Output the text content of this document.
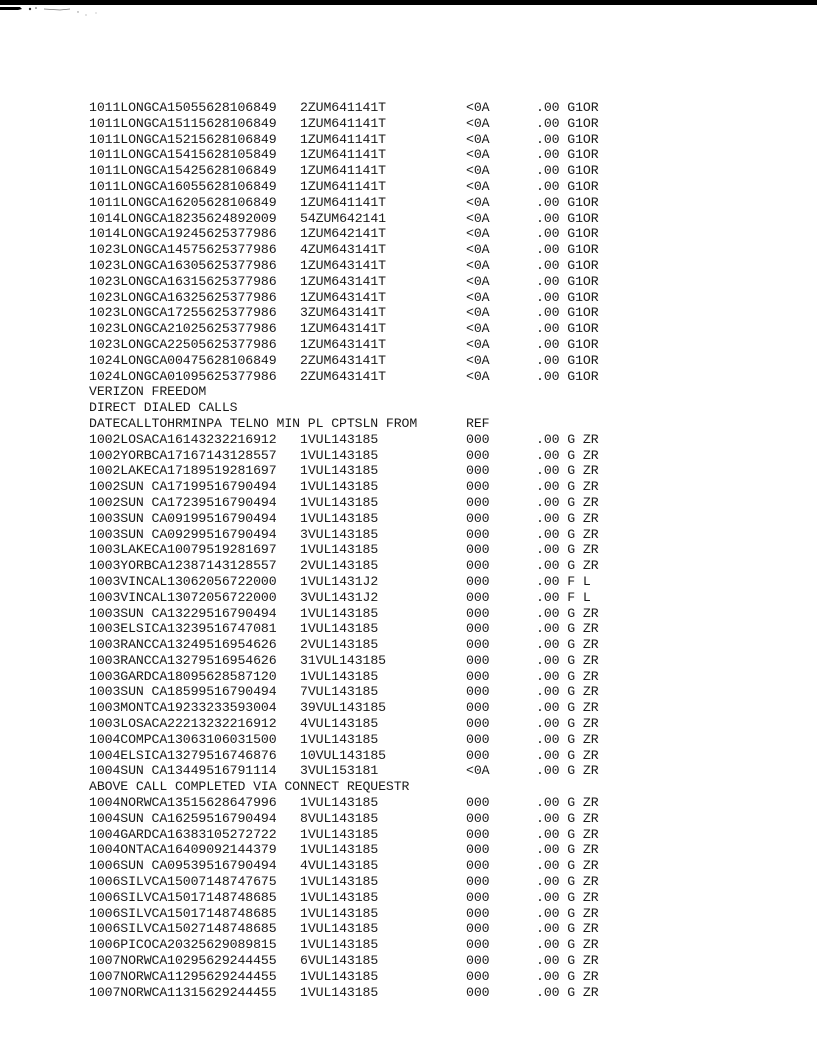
1011LONGCA15055628106849 2ZUM641141T	<0A	.00 G1OR
1011LONGCA15115628106849 1ZUM641141T	<0A	.00 G1OR
1011LONGCA15215628106849 1ZUM641141T	<0A	.00 G1OR
1011LONGCA15415628105849 1ZUM641141T	<0A	.00 G1OR
1011LONGCA15425628106849 1ZUM641141T	<0A	.00 G1OR
1011LONGCA16055628106849 1ZUM641141T	<0A	.00 G1OR
1011LONGCA16205628106849 1ZUM641141T	<0A	.00 G1OR
1014LONGCA18235624892009 54ZUM642141	<0A	.00 G1OR
1014LONGCA19245625377986 1ZUM642141T	<0A	.00 G1OR
1023LONGCA14575625377986 4ZUM643141T	<0A	.00 G1OR
1023LONGCA16305625377986 1ZUM643141T	<0A	.00 G1OR
1023LONGCA16315625377986 1ZUM643141T	<0A	.00 G1OR
1023LONGCA16325625377986 1ZUM643141T	<0A	.00 G1OR
1023LONGCA17255625377986 3ZUM643141T	<0A	.00 G1OR
1023LONGCA21025625377986 1ZUM643141T	<0A	.00 G1OR
1023LONGCA22505625377986 1ZUM643141T	<0A	.00 G1OR
1024LONGCA00475628106849 2ZUM643141T	<0A	.00 G1OR
1024LONGCA01095625377986 2ZUM643141T	<0A	.00 G1OR
VERIZON FREEDOM
DIRECT DIALED CALLS

DATECALLTOHRMINPA TELNO MIN PL CPTSLN FROM

	REF

1002LOSACA16143232216912 1VUL143185	000	.00 G ZR
1002YORBCA17167143128557 1VUL143185	000	.00 G ZR
1002LAKECA17189519281697 1VUL143185	000	.00 G ZR
1002SUN CA17199516790494 1VUL143185	000	.00 G ZR
1002SUN CA17239516790494 1VUL143185	000	.00 G ZR
1003SUN CA09199516790494 1VUL143185	000	.00 G ZR
1003SUN CA09299516790494 3VUL143185	000	.00 G ZR
1003LAKECA10079519281697 1VUL143185	000	.00 G ZR
1003YORBCA12387143128557 2VUL143185	000	.00 G ZR
1003VINCAL13062056722000 1VUL1431J2	000	.00 F L
1003VINCAL13072056722000 3VUL1431J2	000	.00 F L
1003SUN CA13229516790494 1VUL143185	000	.00 G ZR
1003ELSICA13239516747081 1VUL143185	000	.00 G ZR
1003RANCCA13249516954626 2VUL143185	000	.00 G ZR
1003RANCCA13279516954626 31VUL143185	000	.00 G ZR
1003GARDCA18095628587120 1VUL143185	000	.00 G ZR
1003SUN CA18599516790494 7VUL143185	000	.00 G ZR
1003MONTCA19233233593004 39VUL143185	000	.00 G ZR
1003LOSACA22213232216912 4VUL143185	000	.00 G ZR
1004COMPCA13063106031500 1VUL143185	000	.00 G ZR
1004ELSICA13279516746876 10VUL143185	000	.00 G ZR
1004SUN CA13449516791114 3VUL153181	<0A	.00 G ZR
ABOVE CALL COMPLETED VIA CONNECT REQUESTR
1004NORWCA13515628647996 1VUL143185	000	.00 G ZR
1004SUN CA16259516790494 8VUL143185	000	.00 G ZR
1004GARDCA16383105272722 1VUL143185	000	.00 G ZR
1004ONTACA16409092144379 1VUL143185	000	.00 G ZR
1006SUN CA09539516790494 4VUL143185	000	.00 G ZR
1006SILVCA15007148747675 1VUL143185	000	.00 G ZR
1006SILVCA15017148748685 1VUL143185	000	.00 G ZR
1006SILVCA15017148748685 1VUL143185	000	.00 G ZR
1006SILVCA15027148748685 1VUL143185	000	.00 G ZR
1006PICOCA20325629089815 1VUL143185	000	.00 G ZR
1007NORWCA10295629244455 6VUL143185	000	.00 G ZR
1007NORWCA11295629244455 1VUL143185	000	.00 G ZR
1007NORWCA11315629244455 1VUL143185	000	.00 G ZR
